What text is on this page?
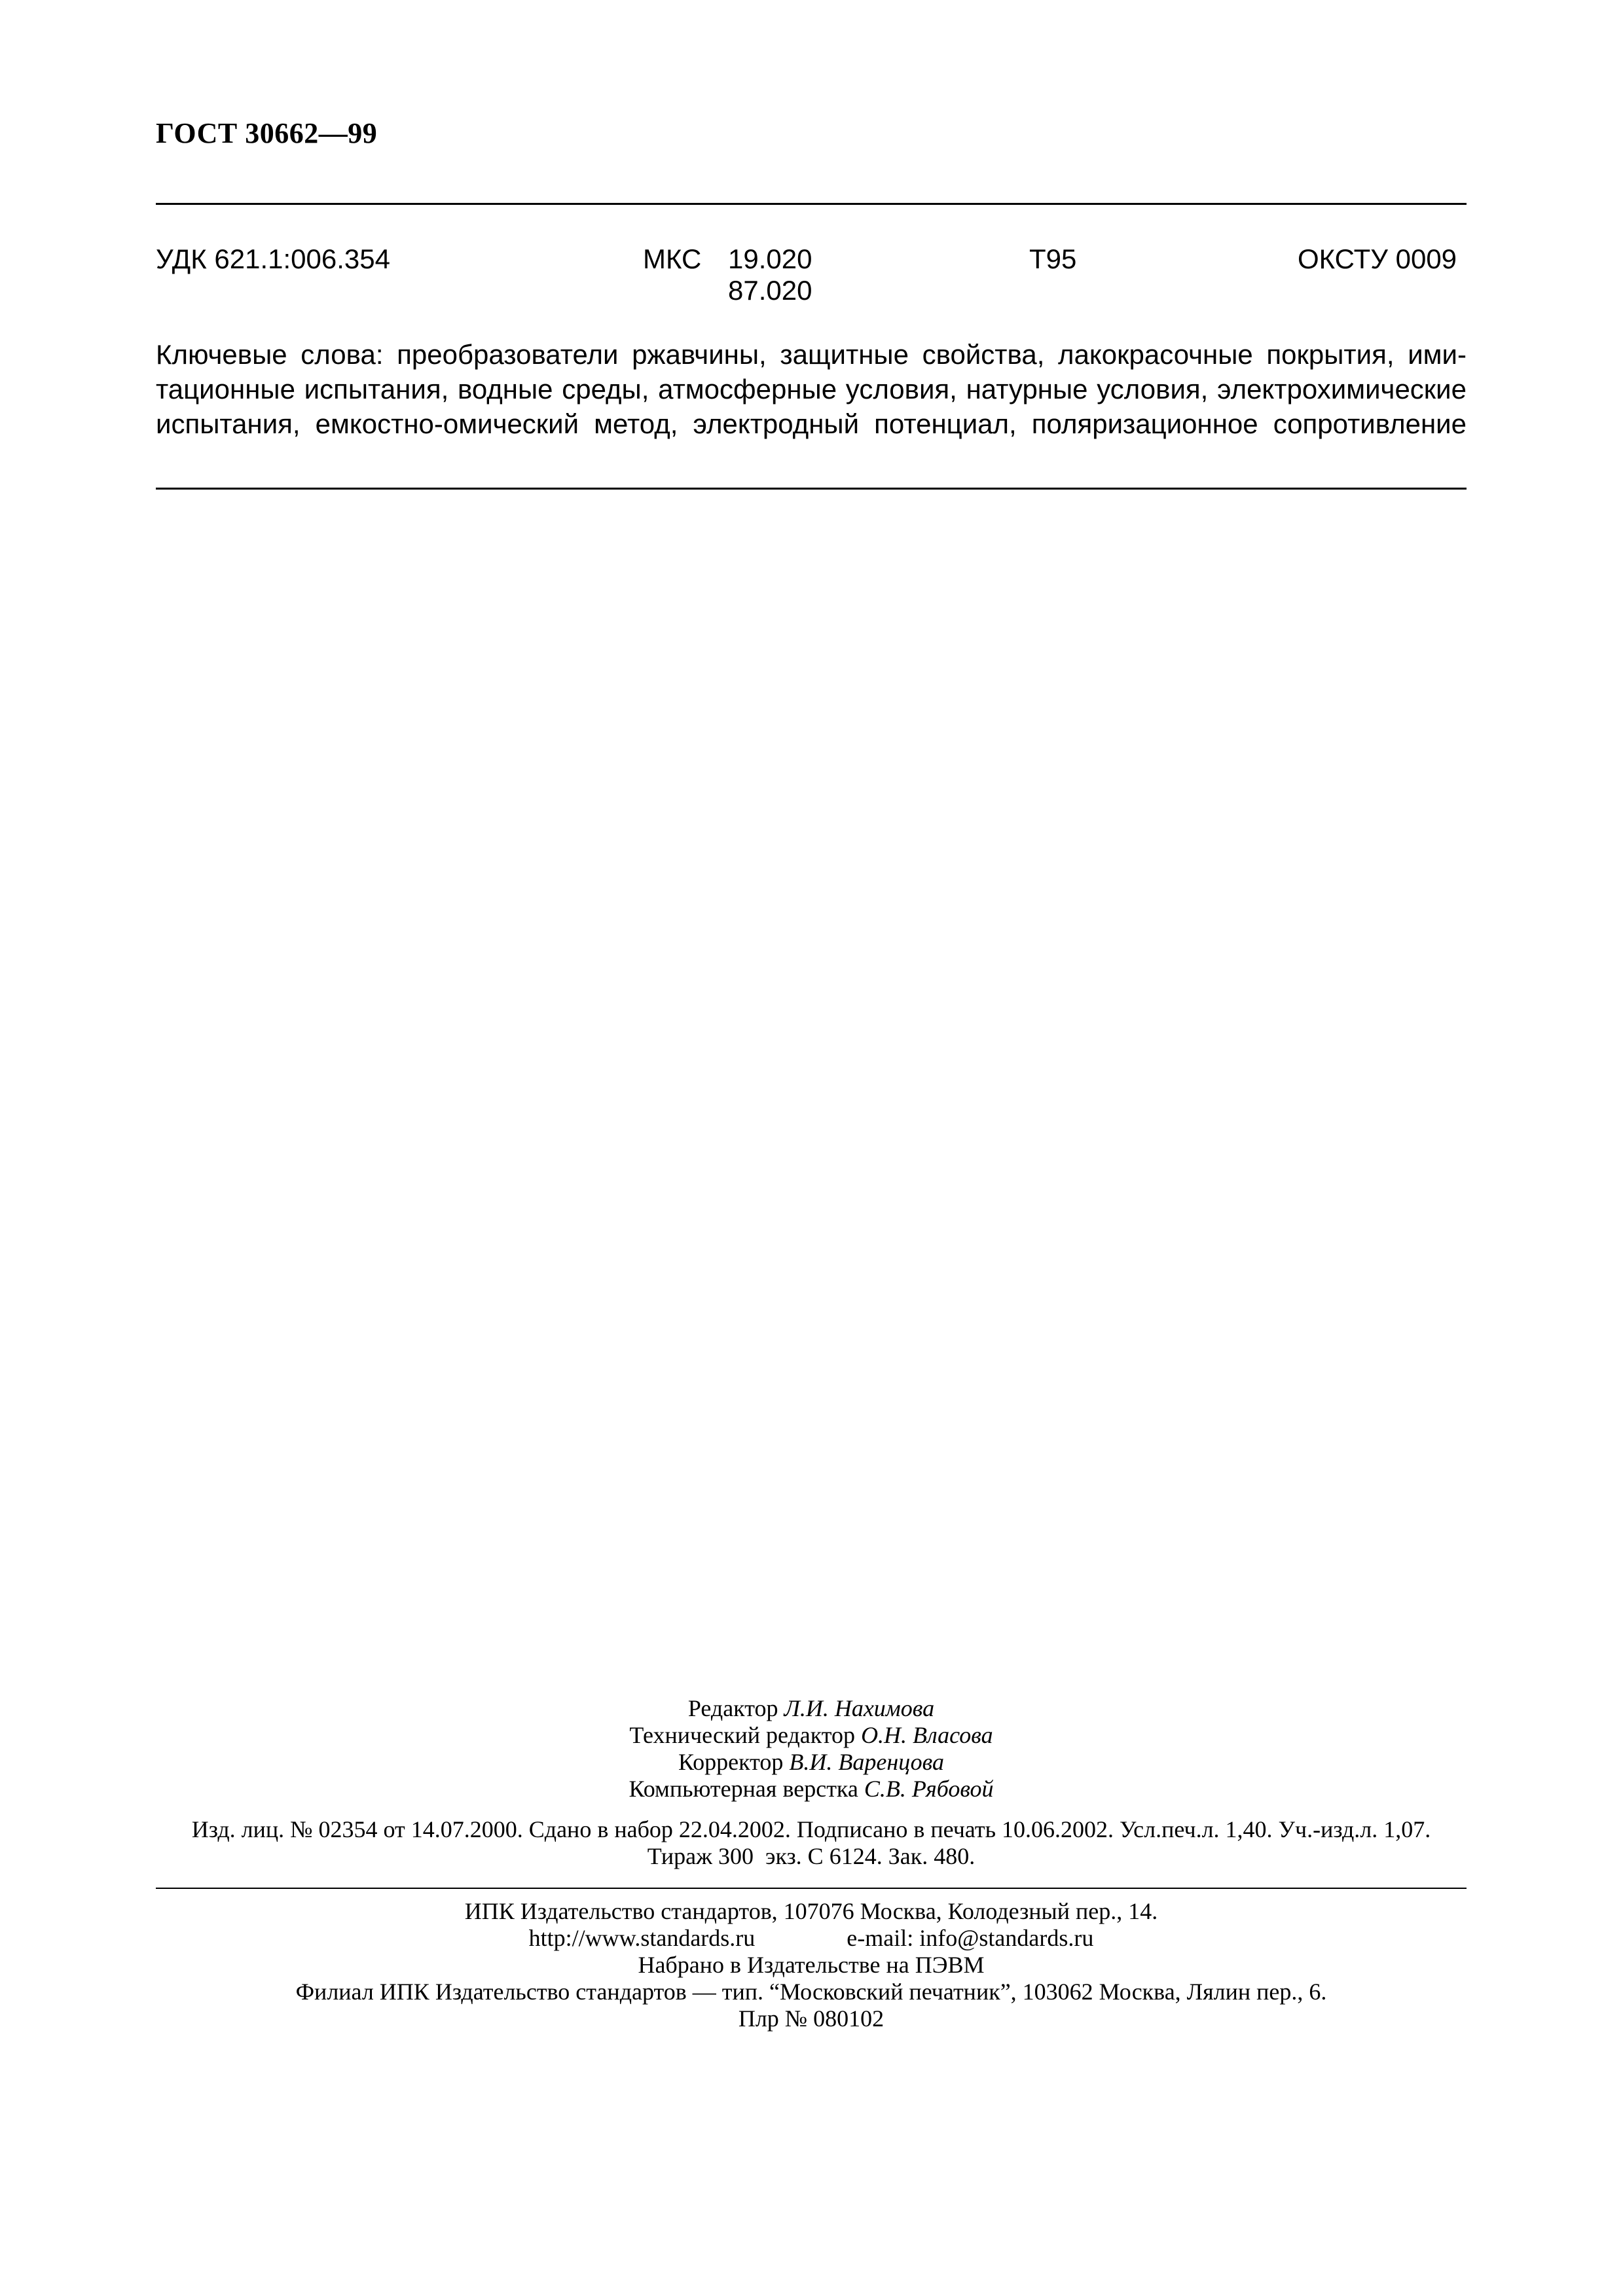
ГОСТ 30662—99
УДК 621.1:006.354	МКС 19.020
87.020
Т95	ОКСТУ 0009
Ключевые слова: преобразователи ржавчины, защитные свойства, лакокрасочные покрытия, ими-
тационные испытания, водные среды, атмосферные условия, натурные условия, электрохимические
испытания, емкостно-омический метод, электродный потенциал, поляризационное сопротивление
Редактор Л.И. Нахимова
Технический редактор О.Н. Власова
Корректор В.И. Варенцова
Компьютерная верстка С.В. Рябовой
Изд. лиц. № 02354 от 14.07.2000. Сдано в набор 22.04.2002. Подписано в печать 10.06.2002. Усл.печ.л. 1,40. Уч.-изд.л. 1,07.
Тираж 300  экз. С 6124. Зак. 480.
ИПК Издательство стандартов, 107076 Москва, Колодезный пер., 14.
http://www.standards.ru	e-mail: info@standards.ru
Набрано в Издательстве на ПЭВМ
Филиал ИПК Издательство стандартов — тип. “Московский печатник”, 103062 Москва, Лялин пер., 6.
Плр № 080102
